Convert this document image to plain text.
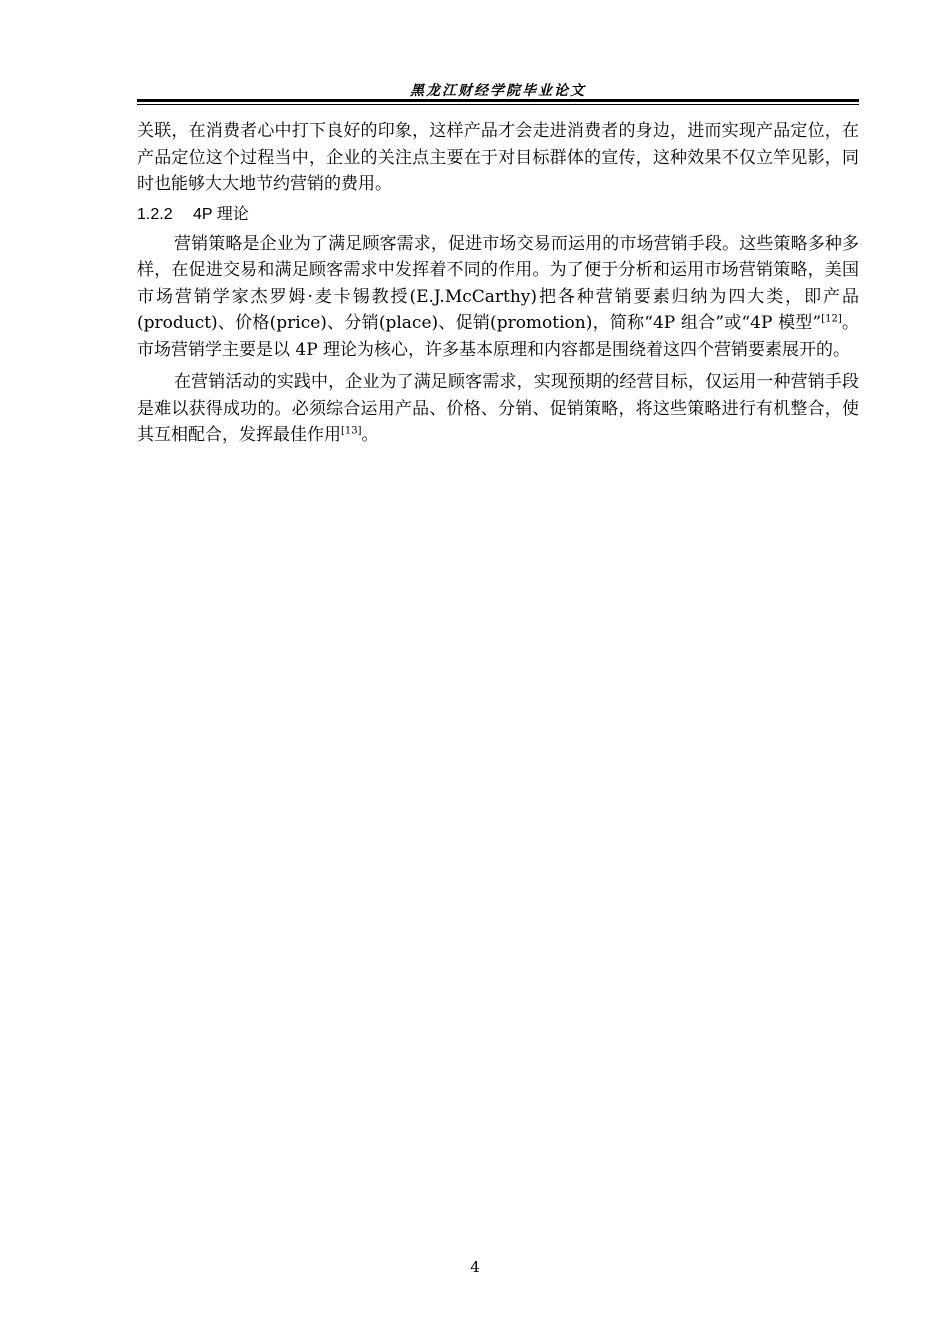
黑龙江财经学院毕业论文

关联，在消费者心中打下良好的印象，这样产品才会走进消费者的身边，进而实现产品定位，在产品定位这个过程当中，企业的关注点主要在于对目标群体的宣传，这种效果不仅立竿见影，同时也能够大大地节约营销的费用。

1.2.2 4P 理论

营销策略是企业为了满足顾客需求，促进市场交易而运用的市场营销手段。这些策略多种多样，在促进交易和满足顾客需求中发挥着不同的作用。为了便于分析和运用市场营销策略，美国市场营销学家杰罗姆·麦卡锡教授(E.J.McCarthy)把各种营销要素归纳为四大类，即产品(product)、价格(price)、分销(place)、促销(promotion)，简称“4P 组合”或“4P 模型”[12]。市场营销学主要是以 4P 理论为核心，许多基本原理和内容都是围绕着这四个营销要素展开的。

在营销活动的实践中，企业为了满足顾客需求，实现预期的经营目标，仅运用一种营销手段是难以获得成功的。必须综合运用产品、价格、分销、促销策略，将这些策略进行有机整合，使其互相配合，发挥最佳作用[13]。

4
